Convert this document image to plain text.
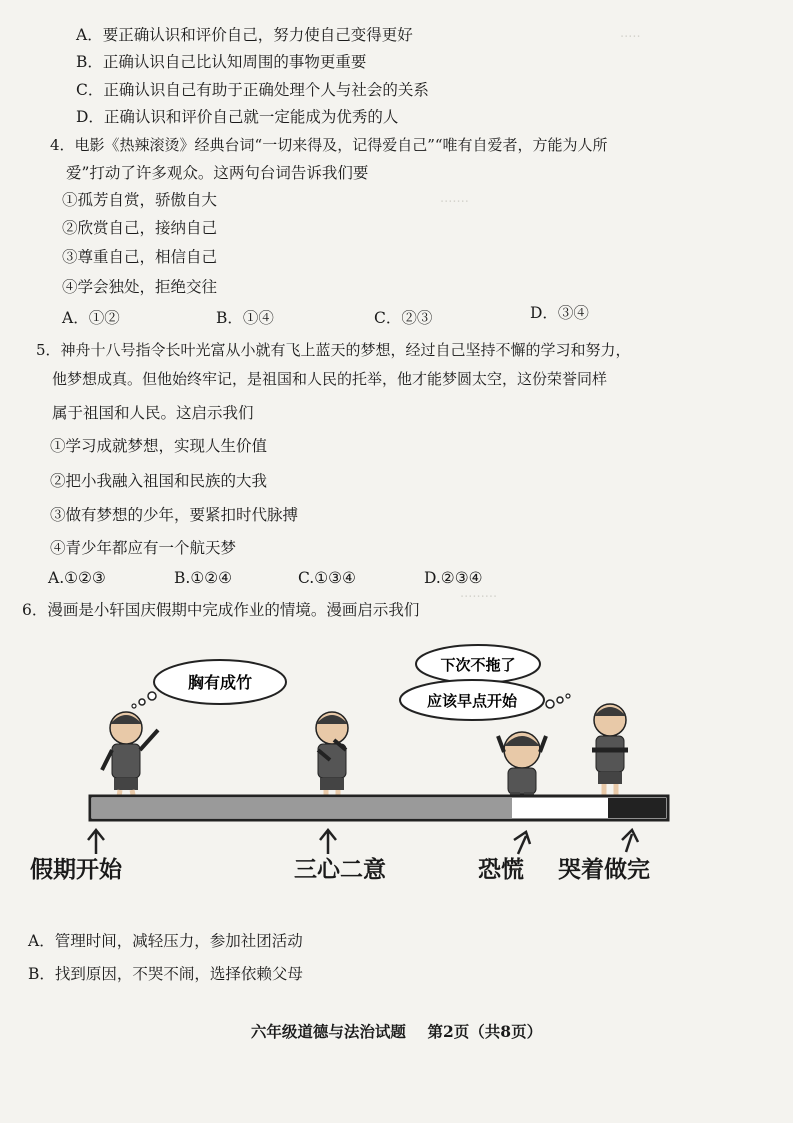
·····
·······
·········
A．要正确认识和评价自己，努力使自己变得更好
B．正确认识自己比认知周围的事物更重要
C．正确认识自己有助于正确处理个人与社会的关系
D．正确认识和评价自己就一定能成为优秀的人
4．电影《热辣滚烫》经典台词“一切来得及，记得爱自己”“唯有自爱者，方能为人所
爱”打动了许多观众。这两句台词告诉我们要
①孤芳自赏，骄傲自大
②欣赏自己，接纳自己
③尊重自己，相信自己
④学会独处，拒绝交往
A．①②	B．①④	C．②③	D．③④
5．神舟十八号指令长叶光富从小就有飞上蓝天的梦想，经过自己坚持不懈的学习和努力，
他梦想成真。但他始终牢记，是祖国和人民的托举，他才能梦圆太空，这份荣誉同样
属于祖国和人民。这启示我们
①学习成就梦想，实现人生价值
②把小我融入祖国和民族的大我
③做有梦想的少年，要紧扣时代脉搏
④青少年都应有一个航天梦
A.①②③	B.①②④	C.①③④	D.②③④
6．漫画是小轩国庆假期中完成作业的情境。漫画启示我们
胸有成竹
下次不拖了
应该早点开始
假期开始	三心二意	恐慌 哭着做完
A．管理时间，减轻压力，参加社团活动
B．找到原因，不哭不闹，选择依赖父母
六年级道德与法治试题 第2页（共8页）
